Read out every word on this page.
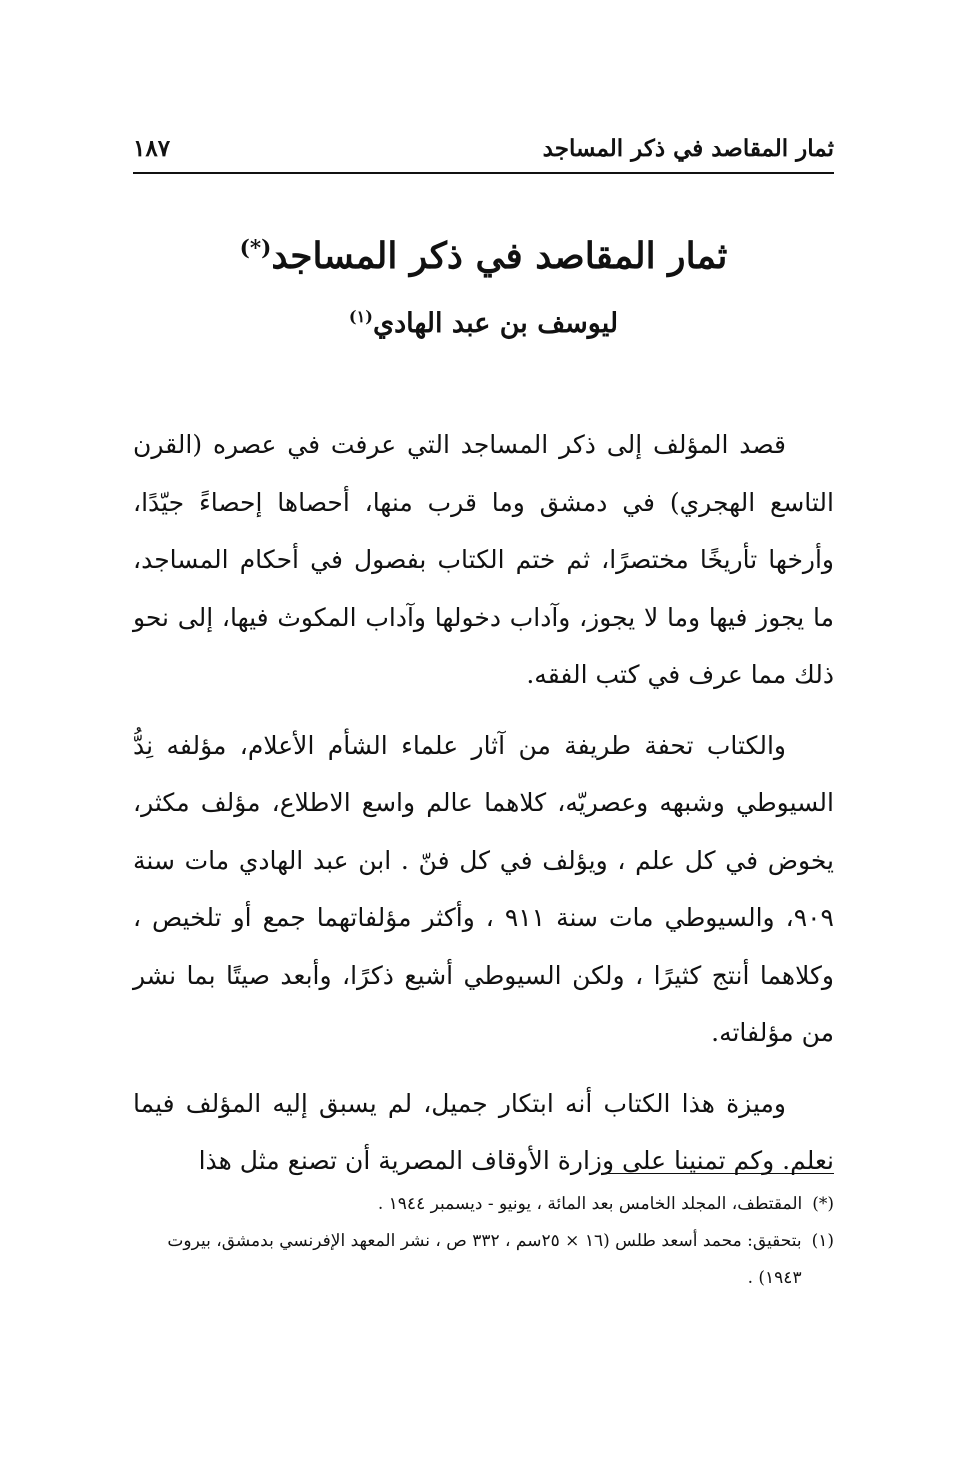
ثمار المقاصد في ذكر المساجد
١٨٧
ثمار المقاصد في ذكر المساجد(*)
ليوسف بن عبد الهادي$^{(١)}$

قصد المؤلف إلى ذكر المساجد التي عرفت في عصره (القرن التاسع الهجري) في دمشق وما قرب منها، أحصاها إحصاءً جيّدًا، وأرخها تأريخًا مختصرًا، ثم ختم الكتاب بفصول في أحكام المساجد، ما يجوز فيها وما لا يجوز، وآداب دخولها وآداب المكوث فيها، إلى نحو ذلك مما عرف في كتب الفقه.

والكتاب تحفة طريفة من آثار علماء الشأم الأعلام، مؤلفه نِدُّ السيوطي وشبهه وعصريّه، كلاهما عالم واسع الاطلاع، مؤلف مكثر، يخوض في كل علم ، ويؤلف في كل فنّ . ابن عبد الهادي مات سنة ٩٠٩، والسيوطي مات سنة ٩١١ ، وأكثر مؤلفاتهما جمع أو تلخيص ، وكلاهما أنتج كثيرًا ، ولكن السيوطي أشيع ذكرًا، وأبعد صيتًا بما نشر من مؤلفاته.

وميزة هذا الكتاب أنه ابتكار جميل، لم يسبق إليه المؤلف فيما نعلم. وكم تمنينا على وزارة الأوقاف المصرية أن تصنع مثل هذا

(*)
المقتطف، المجلد الخامس بعد المائة ، يونيو - ديسمبر ١٩٤٤ .
(١)
بتحقيق: محمد أسعد طلس (١٦ × ٢٥سم ، ٣٣٢ ص ، نشر المعهد الإفرنسي بدمشق، بيروت ١٩٤٣) .
